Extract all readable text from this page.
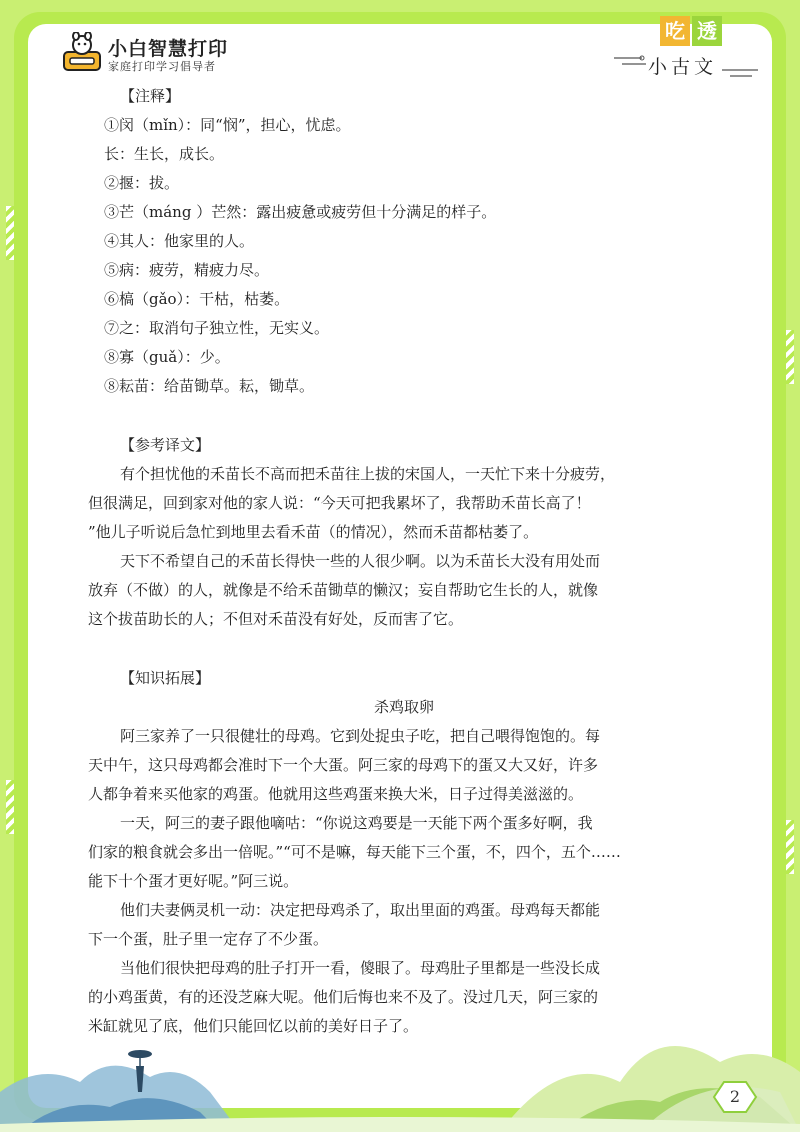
小白智慧打印
家庭打印学习倡导者
吃 透
小古文
【注释】
①闵（mǐn）：同“悯”，担心，忧虑。
长：生长，成长。
②揠：拔。
③芒（máng ）芒然：露出疲惫或疲劳但十分满足的样子。
④其人：他家里的人。
⑤病：疲劳，精疲力尽。
⑥槁（gǎo）：干枯，枯萎。
⑦之：取消句子独立性，无实义。
⑧寡（guǎ）：少。
⑧耘苗：给苗锄草。耘，锄草。
【参考译文】
有个担忧他的禾苗长不高而把禾苗往上拔的宋国人，一天忙下来十分疲劳，
但很满足，回到家对他的家人说：“今天可把我累坏了，我帮助禾苗长高了！
”他儿子听说后急忙到地里去看禾苗（的情况），然而禾苗都枯萎了。
天下不希望自己的禾苗长得快一些的人很少啊。以为禾苗长大没有用处而
放弃（不做）的人，就像是不给禾苗锄草的懒汉；妄自帮助它生长的人，就像
这个拔苗助长的人；不但对禾苗没有好处，反而害了它。
【知识拓展】
杀鸡取卵
阿三家养了一只很健壮的母鸡。它到处捉虫子吃，把自己喂得饱饱的。每
天中午，这只母鸡都会准时下一个大蛋。阿三家的母鸡下的蛋又大又好，许多
人都争着来买他家的鸡蛋。他就用这些鸡蛋来换大米，日子过得美滋滋的。
一天，阿三的妻子跟他嘀咕：“你说这鸡要是一天能下两个蛋多好啊，我
们家的粮食就会多出一倍呢。”“可不是嘛，每天能下三个蛋，不，四个，五个……
能下十个蛋才更好呢。”阿三说。
他们夫妻俩灵机一动：决定把母鸡杀了，取出里面的鸡蛋。母鸡每天都能
下一个蛋，肚子里一定存了不少蛋。
当他们很快把母鸡的肚子打开一看，傻眼了。母鸡肚子里都是一些没长成
的小鸡蛋黄，有的还没芝麻大呢。他们后悔也来不及了。没过几天，阿三家的
米缸就见了底，他们只能回忆以前的美好日子了。
2
